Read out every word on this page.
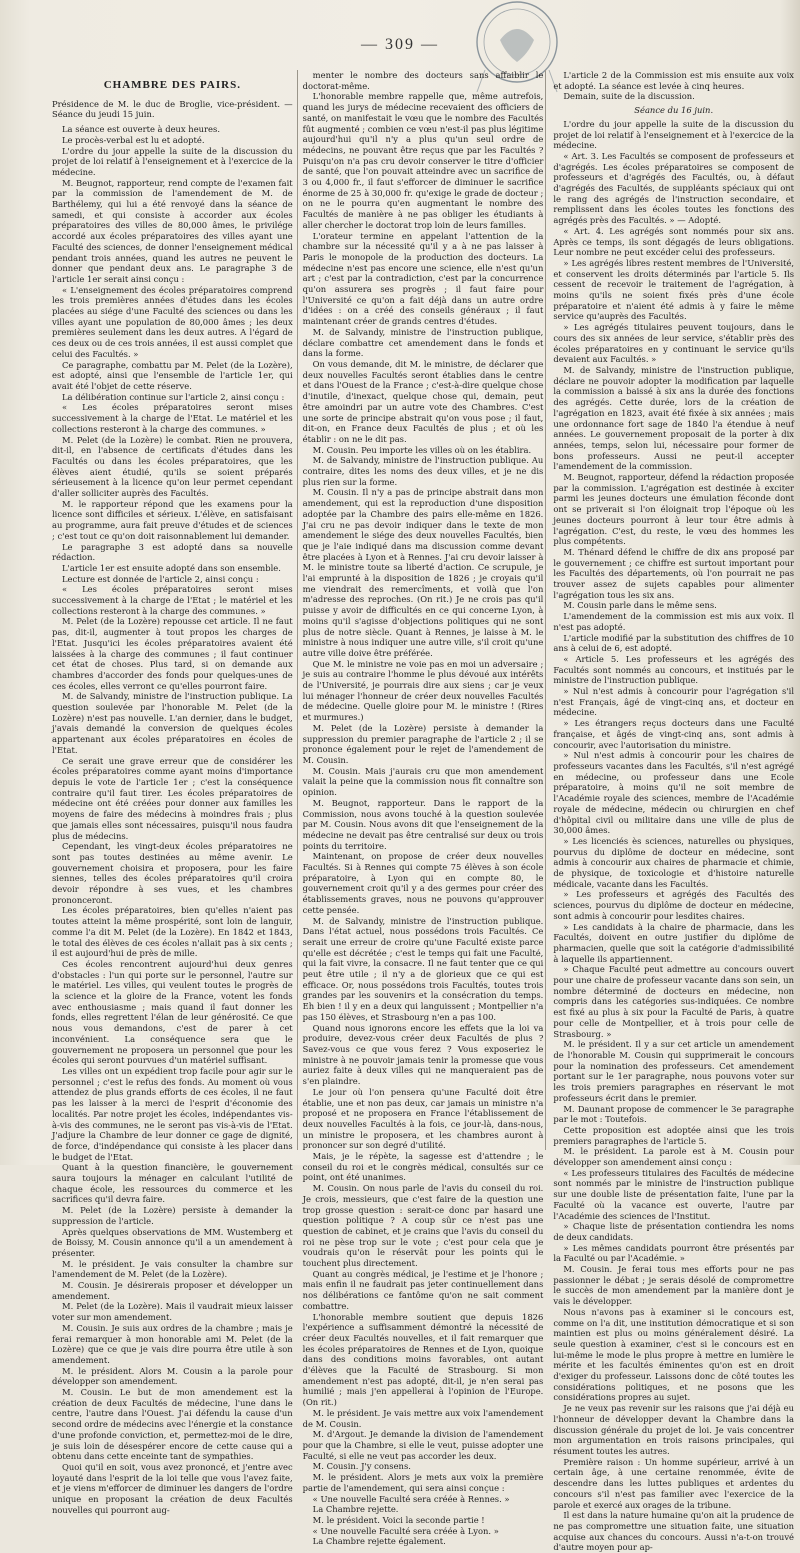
— 309 —
CHAMBRE DES PAIRS.

Présidence de M. le duc de Broglie, vice-président. — Séance du jeudi 15 juin.

La séance est ouverte à deux heures.

Le procès-verbal est lu et adopté.

L'ordre du jour appelle la suite de la discussion du projet de loi relatif à l'enseignement et à l'exercice de la médecine.

M. Beugnot, rapporteur, rend compte de l'examen fait par la commission de l'amendement de M. de Barthélemy, qui lui a été renvoyé dans la séance de samedi, et qui consiste à accorder aux écoles préparatoires des villes de 80,000 âmes, le privilége accordé aux écoles préparatoires des villes ayant une Faculté des sciences, de donner l'enseignement médical pendant trois années, quand les autres ne peuvent le donner que pendant deux ans. Le paragraphe 3 de l'article 1er serait ainsi conçu :

« L'enseignement des écoles préparatoires comprend les trois premières années d'études dans les écoles placées au siége d'une Faculté des sciences ou dans les villes ayant une population de 80,000 âmes ; les deux premières seulement dans les deux autres. A l'égard de ces deux ou de ces trois années, il est aussi complet que celui des Facultés. »

Ce paragraphe, combattu par M. Pelet (de la Lozère), est adopté, ainsi que l'ensemble de l'article 1er, qui avait été l'objet de cette réserve.

La délibération continue sur l'article 2, ainsi conçu :

« Les écoles préparatoires seront mises successivement à la charge de l'Etat. Le matériel et les collections resteront à la charge des communes. »

M. Pelet (de la Lozère) le combat. Rien ne prouvera, dit-il, en l'absence de certificats d'études dans les Facultés ou dans les écoles préparatoires, que les élèves aient étudié, qu'ils se soient préparés sérieusement à la licence qu'on leur permet cependant d'aller solliciter auprès des Facultés.

M. le rapporteur répond que les examens pour la licence sont difficiles et sérieux. L'élève, en satisfaisant au programme, aura fait preuve d'études et de sciences ; c'est tout ce qu'on doit raisonnablement lui demander.

Le paragraphe 3 est adopté dans sa nouvelle rédaction.

L'article 1er est ensuite adopté dans son ensemble.

Lecture est donnée de l'article 2, ainsi conçu :

« Les écoles préparatoires seront mises successivement à la charge de l'Etat ; le matériel et les collections resteront à la charge des communes. »

M. Pelet (de la Lozère) repousse cet article. Il ne faut pas, dit-il, augmenter à tout propos les charges de l'Etat. Jusqu'ici les écoles préparatoires avaient été laissées à la charge des communes ; il faut continuer cet état de choses. Plus tard, si on demande aux chambres d'accorder des fonds pour quelques-unes de ces écoles, elles verront ce qu'elles pourront faire.

M. de Salvandy, ministre de l'instruction publique. La question soulevée par l'honorable M. Pelet (de la Lozère) n'est pas nouvelle. L'an dernier, dans le budget, j'avais demandé la conversion de quelques écoles appartenant aux écoles préparatoires en écoles de l'Etat.

Ce serait une grave erreur que de considérer les écoles préparatoires comme ayant moins d'importance depuis le vote de l'article 1er ; c'est la conséquence contraire qu'il faut tirer. Les écoles préparatoires de médecine ont été créées pour donner aux familles les moyens de faire des médecins à moindres frais ; plus que jamais elles sont nécessaires, puisqu'il nous faudra plus de médecins.

Cependant, les vingt-deux écoles préparatoires ne sont pas toutes destinées au même avenir. Le gouvernement choisira et proposera, pour les faire siennes, telles des écoles préparatoires qu'il croira devoir répondre à ses vues, et les chambres prononceront.

Les écoles préparatoires, bien qu'elles n'aient pas toutes atteint la même prospérité, sont loin de languir, comme l'a dit M. Pelet (de la Lozère). En 1842 et 1843, le total des élèves de ces écoles n'allait pas à six cents ; il est aujourd'hui de près de mille.

Ces écoles rencontrent aujourd'hui deux genres d'obstacles : l'un qui porte sur le personnel, l'autre sur le matériel. Les villes, qui veulent toutes le progrès de la science et la gloire de la France, votent les fonds avec enthousiasme ; mais quand il faut donner les fonds, elles regrettent l'élan de leur générosité. Ce que nous vous demandons, c'est de parer à cet inconvénient. La conséquence sera que le gouvernement ne proposera un personnel que pour les écoles qui seront pourvues d'un matériel suffisant.

Les villes ont un expédient trop facile pour agir sur le personnel ; c'est le refus des fonds. Au moment où vous attendez de plus grands efforts de ces écoles, il ne faut pas les laisser à la merci de l'esprit d'économie des localités. Par notre projet les écoles, indépendantes vis-à-vis des communes, ne le seront pas vis-à-vis de l'Etat. J'adjure la Chambre de leur donner ce gage de dignité, de force, d'indépendance qui consiste à les placer dans le budget de l'Etat.

Quant à la question financière, le gouvernement saura toujours la ménager en calculant l'utilité de chaque école, les ressources du commerce et les sacrifices qu'il devra faire.

M. Pelet (de la Lozère) persiste à demander la suppression de l'article.

Après quelques observations de MM. Wustemberg et de Boissy, M. Cousin annonce qu'il a un amendement à présenter.

M. le président. Je vais consulter la chambre sur l'amendement de M. Pelet (de la Lozère).

M. Cousin. Je désirerais proposer et développer un amendement.

M. Pelet (de la Lozère). Mais il vaudrait mieux laisser voter sur mon amendement.

M. Cousin. Je suis aux ordres de la chambre ; mais je ferai remarquer à mon honorable ami M. Pelet (de la Lozère) que ce que je vais dire pourra être utile à son amendement.

M. le président. Alors M. Cousin a la parole pour développer son amendement.

M. Cousin. Le but de mon amendement est la création de deux Facultés de médecine, l'une dans le centre, l'autre dans l'Ouest. J'ai défendu la cause d'un second ordre de médecins avec l'énergie et la constance d'une profonde conviction, et, permettez-moi de le dire, je suis loin de désespérer encore de cette cause qui a obtenu dans cette enceinte tant de sympathies.

Quoi qu'il en soit, vous avez prononcé, et j'entre avec loyauté dans l'esprit de la loi telle que vous l'avez faite, et je viens m'efforcer de diminuer les dangers de l'ordre unique en proposant la création de deux Facultés nouvelles qui pourront aug-

menter le nombre des docteurs sans affaiblir le doctorat-même.

L'honorable membre rappelle que, même autrefois, quand les jurys de médecine recevaient des officiers de santé, on manifestait le vœu que le nombre des Facultés fût augmenté ; combien ce vœu n'est-il pas plus légitime aujourd'hui qu'il n'y a plus qu'un seul ordre de médecins, ne pouvant être reçus que par les Facultés ? Puisqu'on n'a pas cru devoir conserver le titre d'officier de santé, que l'on pouvait atteindre avec un sacrifice de 3 ou 4,000 fr., il faut s'efforcer de diminuer le sacrifice énorme de 25 à 30,000 fr. qu'exige le grade de docteur ; on ne le pourra qu'en augmentant le nombre des Facultés de manière à ne pas obliger les étudiants à aller chercher le doctorat trop loin de leurs familles.

L'orateur termine en appelant l'attention de la chambre sur la nécessité qu'il y a à ne pas laisser à Paris le monopole de la production des docteurs. La médecine n'est pas encore une science, elle n'est qu'un art ; c'est par la contradiction, c'est par la concurrence qu'on assurera ses progrès ; il faut faire pour l'Université ce qu'on a fait déjà dans un autre ordre d'idées : on a créé des conseils généraux ; il faut maintenant créer de grands centres d'études.

M. de Salvandy, ministre de l'instruction publique, déclare combattre cet amendement dans le fonds et dans la forme.

On vous demande, dit M. le ministre, de déclarer que deux nouvelles Facultés seront établies dans le centre et dans l'Ouest de la France ; c'est-à-dire quelque chose d'inutile, d'inexact, quelque chose qui, demain, peut être amoindri par un autre vote des Chambres. C'est une sorte de principe abstrait qu'on vous pose ; il faut, dit-on, en France deux Facultés de plus ; et où les établir : on ne le dit pas.

M. Cousin. Peu importe les villes où on les établira.

M. de Salvandy, ministre de l'instruction publique. Au contraire, dites les noms des deux villes, et je ne dis plus rien sur la forme.

M. Cousin. Il n'y a pas de principe abstrait dans mon amendement, qui est la reproduction d'une disposition adoptée par la Chambre des pairs elle-même en 1826. J'ai cru ne pas devoir indiquer dans le texte de mon amendement le siége des deux nouvelles Facultés, bien que je l'aie indiqué dans ma discussion comme devant être placées à Lyon et à Rennes. J'ai cru devoir laisser à M. le ministre toute sa liberté d'action. Ce scrupule, je l'ai emprunté à la disposition de 1826 ; je croyais qu'il me viendrait des remercîments, et voilà que l'on m'adresse des reproches. (On rit.) Je ne crois pas qu'il puisse y avoir de difficultés en ce qui concerne Lyon, à moins qu'il s'agisse d'objections politiques qui ne sont plus de notre siècle. Quant à Rennes, je laisse à M. le ministre à nous indiquer une autre ville, s'il croit qu'une autre ville doive être préférée.

Que M. le ministre ne voie pas en moi un adversaire ; je suis au contraire l'homme le plus dévoué aux intérêts de l'Université, je pourrais dire aux siens ; car je veux lui ménager l'honneur de créer deux nouvelles Facultés de médecine. Quelle gloire pour M. le ministre ! (Rires et murmures.)

M. Pelet (de la Lozère) persiste à demander la suppression du premier paragraphe de l'article 2 ; il se prononce également pour le rejet de l'amendement de M. Cousin.

M. Cousin. Mais j'aurais cru que mon amendement valait la peine que la commission nous fît connaître son opinion.

M. Beugnot, rapporteur. Dans le rapport de la Commission, nous avons touché à la question soulevée par M. Cousin. Nous avons dit que l'enseignement de la médecine ne devait pas être centralisé sur deux ou trois points du territoire.

Maintenant, on propose de créer deux nouvelles Facultés. Si à Rennes qui compte 75 élèves à son école préparatoire, à Lyon qui en compte 80, le gouvernement croit qu'il y a des germes pour créer des établissements graves, nous ne pouvons qu'approuver cette pensée.

M. de Salvandy, ministre de l'instruction publique. Dans l'état actuel, nous possédons trois Facultés. Ce serait une erreur de croire qu'une Faculté existe parce qu'elle est décrétée ; c'est le temps qui fait une Faculté, qui la fait vivre, la consacre. Il ne faut tenter que ce qui peut être utile ; il n'y a de glorieux que ce qui est efficace. Or, nous possédons trois Facultés, toutes trois grandes par les souvenirs et la consécration du temps. Eh bien ! il y en a deux qui languissent ; Montpellier n'a pas 150 élèves, et Strasbourg n'en a pas 100.

Quand nous ignorons encore les effets que la loi va produire, devez-vous créer deux Facultés de plus ? Savez-vous ce que vous ferez ? Vous exposeriez le ministre à ne pouvoir jamais tenir la promesse que vous auriez faite à deux villes qui ne manqueraient pas de s'en plaindre.

Le jour où l'on pensera qu'une Faculté doit être établie, une et non pas deux, car jamais un ministre n'a proposé et ne proposera en France l'établissement de deux nouvelles Facultés à la fois, ce jour-là, dans-nous, un ministre le proposera, et les chambres auront à prononcer sur son degré d'utilité.

Mais, je le répète, la sagesse est d'attendre ; le conseil du roi et le congrès médical, consultés sur ce point, ont été unanimes.

M. Cousin. On nous parle de l'avis du conseil du roi. Je crois, messieurs, que c'est faire de la question une trop grosse question : serait-ce donc par hasard une question politique ? A coup sûr ce n'est pas une question de cabinet, et je crains que l'avis du conseil du roi ne pèse trop sur le vote ; c'est pour cela que je voudrais qu'on le réservât pour les points qui le touchent plus directement.

Quant au congrès médical, je l'estime et je l'honore ; mais enfin il ne faudrait pas jeter continuellement dans nos délibérations ce fantôme qu'on ne sait comment combattre.

L'honorable membre soutient que depuis 1826 l'expérience a suffisamment démontré la nécessité de créer deux Facultés nouvelles, et il fait remarquer que les écoles préparatoires de Rennes et de Lyon, quoique dans des conditions moins favorables, ont autant d'élèves que la Faculté de Strasbourg. Si mon amendement n'est pas adopté, dit-il, je n'en serai pas humilié ; mais j'en appellerai à l'opinion de l'Europe. (On rit.)

M. le président. Je vais mettre aux voix l'amendement de M. Cousin.

M. d'Argout. Je demande la division de l'amendement pour que la Chambre, si elle le veut, puisse adopter une Faculté, si elle ne veut pas accorder les deux.

M. Cousin. J'y consens.

M. le président. Alors je mets aux voix la première partie de l'amendement, qui sera ainsi conçue :

« Une nouvelle Faculté sera créée à Rennes. »

La Chambre rejette.

M. le président. Voici la seconde partie !

« Une nouvelle Faculté sera créée à Lyon. »

La Chambre rejette également.

L'article 2 de la Commission est mis ensuite aux voix et adopté. La séance est levée à cinq heures.

Demain, suite de la discussion.

Séance du 16 juin.

L'ordre du jour appelle la suite de la discussion du projet de loi relatif à l'enseignement et à l'exercice de la médecine.

« Art. 3. Les Facultés se composent de professeurs et d'agrégés. Les écoles préparatoires se composent de professeurs et d'agrégés des Facultés, ou, à défaut d'agrégés des Facultés, de suppléants spéciaux qui ont le rang des agrégés de l'instruction secondaire, et remplissent dans les écoles toutes les fonctions des agrégés près des Facultés. » — Adopté.

« Art. 4. Les agrégés sont nommés pour six ans. Après ce temps, ils sont dégagés de leurs obligations. Leur nombre ne peut excéder celui des professeurs.

» Les agrégés libres restent membres de l'Université, et conservent les droits déterminés par l'article 5. Ils cessent de recevoir le traitement de l'agrégation, à moins qu'ils ne soient fixés près d'une école préparatoire et n'aient été admis à y faire le même service qu'auprès des Facultés.

» Les agrégés titulaires peuvent toujours, dans le cours des six années de leur service, s'établir près des écoles préparatoires en y continuant le service qu'ils devaient aux Facultés. »

M. de Salvandy, ministre de l'instruction publique, déclare ne pouvoir adopter la modification par laquelle la commission a baissé à six ans la durée des fonctions des agrégés. Cette durée, lors de la création de l'agrégation en 1823, avait été fixée à six années ; mais une ordonnance fort sage de 1840 l'a étendue à neuf années. Le gouvernement proposait de la porter à dix années, temps, selon lui, nécessaire pour former de bons professeurs. Aussi ne peut-il accepter l'amendement de la commission.

M. Beugnot, rapporteur, défend la rédaction proposée par la commission. L'agrégation est destinée à exciter parmi les jeunes docteurs une émulation féconde dont ont se priverait si l'on éloignait trop l'époque où les jeunes docteurs pourront à leur tour être admis à l'agrégation. C'est, du reste, le vœu des hommes les plus compétents.

M. Thénard défend le chiffre de dix ans proposé par le gouvernement ; ce chiffre est surtout important pour les Facultés des départements, où l'on pourrait ne pas trouver assez de sujets capables pour alimenter l'agrégation tous les six ans.

M. Cousin parle dans le même sens.

L'amendement de la commission est mis aux voix. Il n'est pas adopté.

L'article modifié par la substitution des chiffres de 10 ans à celui de 6, est adopté.

« Article 5. Les professeurs et les agrégés des Facultés sont nommés au concours, et institués par le ministre de l'instruction publique.

» Nul n'est admis à concourir pour l'agrégation s'il n'est Français, âgé de vingt-cinq ans, et docteur en médecine.

» Les étrangers reçus docteurs dans une Faculté française, et âgés de vingt-cinq ans, sont admis à concourir, avec l'autorisation du ministre.

» Nul n'est admis à concourir pour les chaires de professeurs vacantes dans les Facultés, s'il n'est agrégé en médecine, ou professeur dans une Ecole préparatoire, à moins qu'il ne soit membre de l'Académie royale des sciences, membre de l'Académie royale de médecine, médecin ou chirurgien en chef d'hôpital civil ou militaire dans une ville de plus de 30,000 âmes.

» Les licenciés ès sciences, naturelles ou physiques, pourvus du diplôme de docteur en médecine, sont admis à concourir aux chaires de pharmacie et chimie, de physique, de toxicologie et d'histoire naturelle médicale, vacante dans les Facultés.

» Les professeurs et agrégés des Facultés des sciences, pourvus du diplôme de docteur en médecine, sont admis à concourir pour lesdites chaires.

» Les candidats à la chaire de pharmacie, dans les Facultés, doivent en outre justifier du diplôme de pharmacien, quelle que soit la catégorie d'admissibilité à laquelle ils appartiennent.

» Chaque Faculté peut admettre au concours ouvert pour une chaire de professeur vacante dans son sein, un nombre déterminé de docteurs en médecine, non compris dans les catégories sus-indiquées. Ce nombre est fixé au plus à six pour la Faculté de Paris, à quatre pour celle de Montpellier, et à trois pour celle de Strasbourg. »

M. le président. Il y a sur cet article un amendement de l'honorable M. Cousin qui supprimerait le concours pour la nomination des professeurs. Cet amendement portant sur le 1er paragraphe, nous pouvons voter sur les trois premiers paragraphes en réservant le mot professeurs écrit dans le premier.

M. Daunant propose de commencer le 3e paragraphe par le mot : Toutefois.

Cette proposition est adoptée ainsi que les trois premiers paragraphes de l'article 5.

M. le président. La parole est à M. Cousin pour développer son amendement ainsi conçu :

« Les professeurs titulaires des Facultés de médecine sont nommés par le ministre de l'instruction publique sur une double liste de présentation faite, l'une par la Faculté où la vacance est ouverte, l'autre par l'Académie des sciences de l'Institut.

» Chaque liste de présentation contiendra les noms de deux candidats.

» Les mêmes candidats pourront être présentés par la Faculté ou par l'Académie. »

M. Cousin. Je ferai tous mes efforts pour ne pas passionner le débat ; je serais désolé de compromettre le succès de mon amendement par la manière dont je vais le développer.

Nous n'avons pas à examiner si le concours est, comme on l'a dit, une institution démocratique et si son maintien est plus ou moins généralement désiré. La seule question à examiner, c'est si le concours est en lui-même le mode le plus propre à mettre en lumière le mérite et les facultés éminentes qu'on est en droit d'exiger du professeur. Laissons donc de côté toutes les considérations politiques, et ne posons que les considérations propres au sujet.

Je ne veux pas revenir sur les raisons que j'ai déjà eu l'honneur de développer devant la Chambre dans la discussion générale du projet de loi. Je vais concentrer mon argumentation en trois raisons principales, qui résument toutes les autres.

Première raison : Un homme supérieur, arrivé à un certain âge, à une certaine renommée, évite de descendre dans les luttes publiques et ardentes du concours s'il n'est pas familier avec l'exercice de la parole et exercé aux orages de la tribune.

Il est dans la nature humaine qu'on ait la prudence de ne pas compromettre une situation faite, une situation acquise aux chances du concours. Aussi n'a-t-on trouvé d'autre moyen pour ap-
